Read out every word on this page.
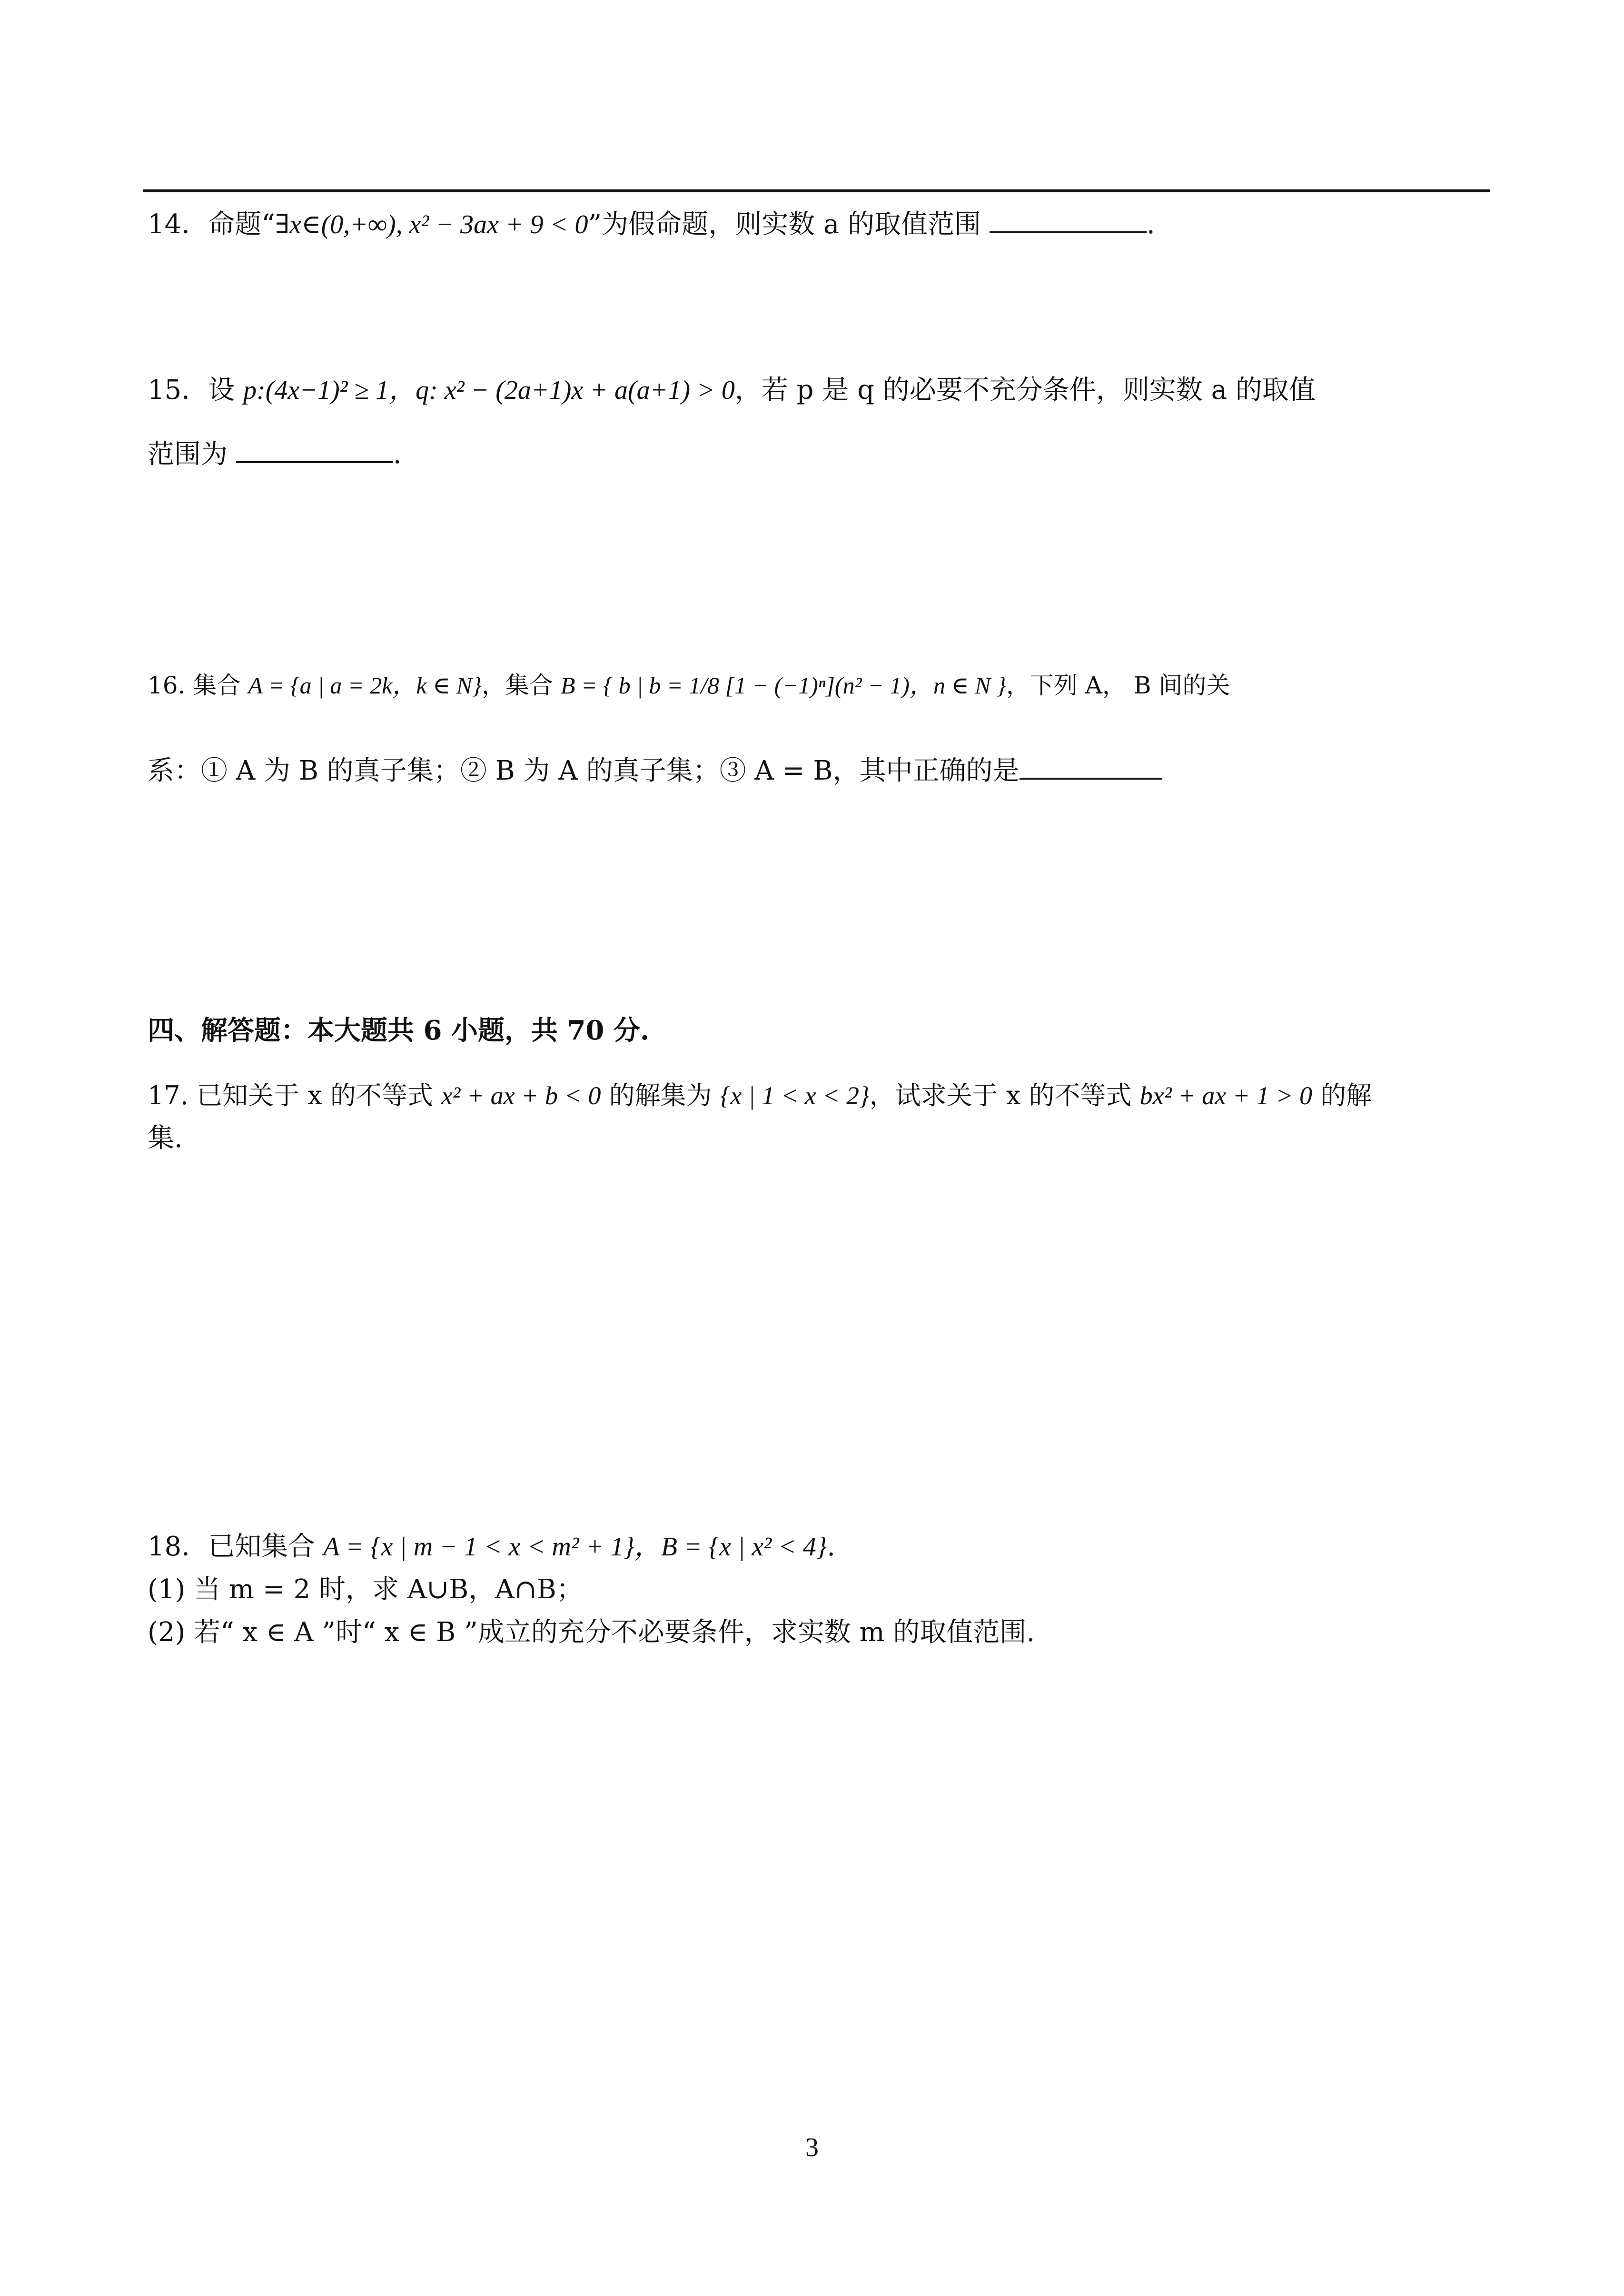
14．命题“∃x∈(0,+∞), x² − 3ax + 9 < 0”为假命题，则实数 a 的取值范围	.
15．设 p:(4x−1)² ≥ 1，q: x² − (2a+1)x + a(a+1) > 0，若 p 是 q 的必要不充分条件，则实数 a 的取值
范围为	.
16. 集合 A = {a | a = 2k，k ∈ N}，集合 B = { b | b = 1/8 [1 − (−1)ⁿ](n² − 1)，n ∈ N }，下列 A， B 间的关
系：① A 为 B 的真子集；② B 为 A 的真子集；③ A = B，其中正确的是
四、解答题：本大题共 6 小题，共 70 分.
17. 已知关于 x 的不等式 x² + ax + b < 0 的解集为 {x | 1 < x < 2}，试求关于 x 的不等式 bx² + ax + 1 > 0 的解
集.
18．已知集合 A = {x | m − 1 < x < m² + 1}，B = {x | x² < 4}.
(1) 当 m = 2 时，求 A∪B，A∩B；
(2) 若“ x ∈ A ”时“ x ∈ B ”成立的充分不必要条件，求实数 m 的取值范围.
3
